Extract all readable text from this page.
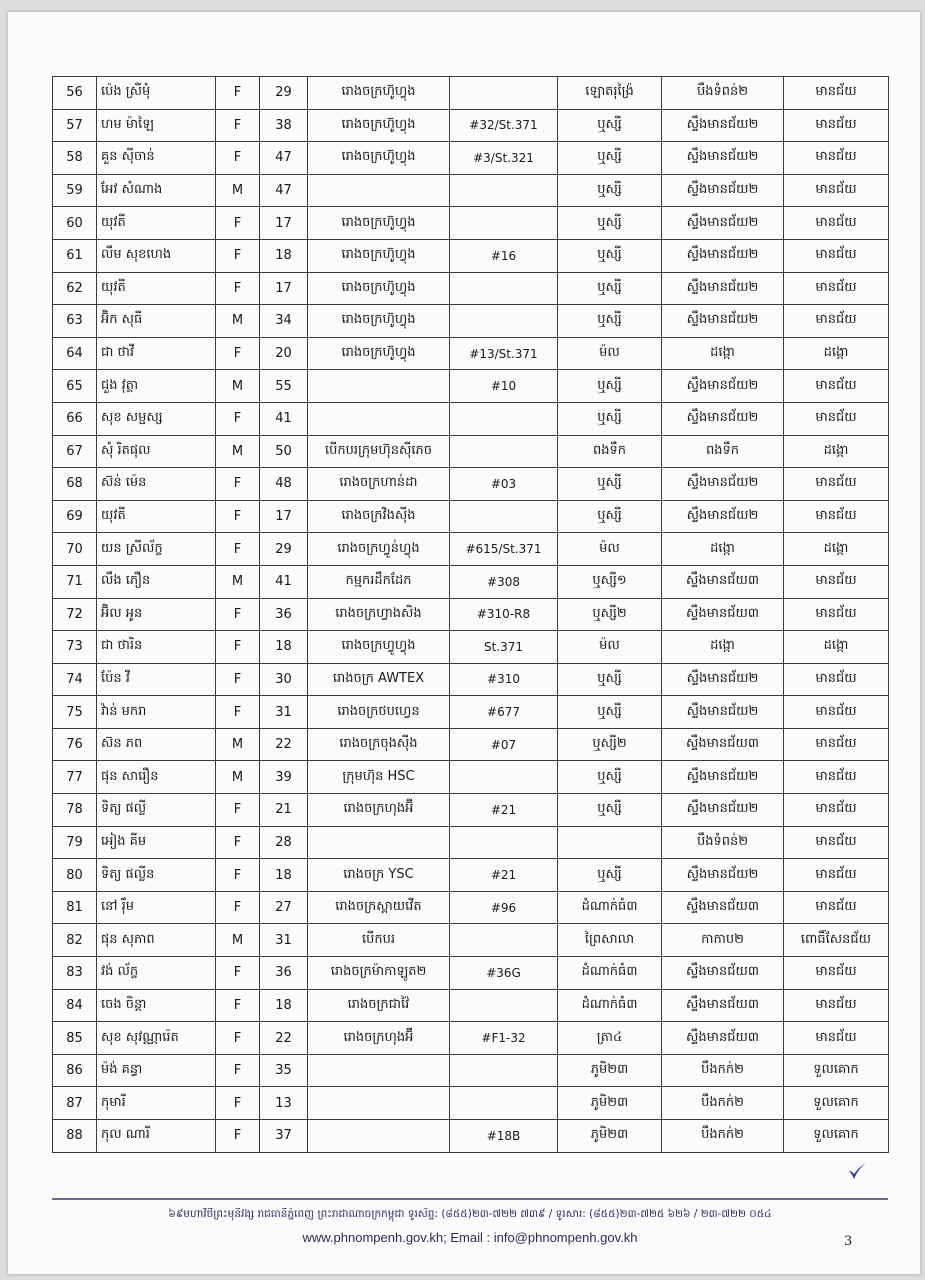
56	ប៉េង ស្រីមុំ	F	29	រោងចក្រហ៊ូហ្វុង		ឡោតរុង្រ៉ៃ	បឹងទំពន់២	មានជ័យ
57	ហម ម៉ាឡៃ	F	38	រោងចក្រហ៊ូហ្វុង	#32/St.371	ឬស្សី	ស្ទឹងមានជ័យ២	មានជ័យ
58	គួន ស៊ីចាន់	F	47	រោងចក្រហ៊ូហ្វុង	#3/St.321	ឬស្សី	ស្ទឹងមានជ័យ២	មានជ័យ
59	អែវ សំណាង	M	47			ឬស្សី	ស្ទឹងមានជ័យ២	មានជ័យ
60	យុវតី	F	17	រោងចក្រហ៊ូហ្វុង		ឬស្សី	ស្ទឹងមានជ័យ២	មានជ័យ
61	លឹម សុខហេង	F	18	រោងចក្រហ៊ូហ្វុង	#16	ឬស្សី	ស្ទឹងមានជ័យ២	មានជ័យ
62	យុវតី	F	17	រោងចក្រហ៊ូហ្វុង		ឬស្សី	ស្ទឹងមានជ័យ២	មានជ័យ
63	អ៊ិក សុធី	M	34	រោងចក្រហ៊ូហ្វុង		ឬស្សី	ស្ទឹងមានជ័យ២	មានជ័យ
64	ជា ថាវី	F	20	រោងចក្រហ៊ូហ្វុង	#13/St.371	ម៉ល	ដង្កោ	ដង្កោ
65	ជួង វុត្ថា	M	55		#10	ឬស្សី	ស្ទឹងមានជ័យ២	មានជ័យ
66	សុខ សម្ផស្ស	F	41			ឬស្សី	ស្ទឹងមានជ័យ២	មានជ័យ
67	សុំ រិតផុល	M	50	បើកបរក្រុមហ៊ុនស៊ីភេច		ពងទឹក	ពងទឹក	ដង្កោ
68	ស៊ន់ ម៉េន	F	48	រោងចក្រហាន់ដា	#03	ឬស្សី	ស្ទឹងមានជ័យ២	មានជ័យ
69	យុវតី	F	17	រោងចក្រវិងស៊ីង		ឬស្សី	ស្ទឹងមានជ័យ២	មានជ័យ
70	យន ស្រីល័ក្ខ	F	29	រោងចក្រហ្វូន់ហ្វុង	#615/St.371	ម៉ល	ដង្កោ	ដង្កោ
71	លឹង ភឿន	M	41	កម្មករដឹកដែក	#308	ឬស្សី១	ស្ទឹងមានជ័យ៣	មានជ័យ
72	អ៊ិល អូន	F	36	រោងចក្រហ្វាងសិង	#310-R8	ឬស្សី២	ស្ទឹងមានជ័យ៣	មានជ័យ
73	ជា ថារិន	F	18	រោងចក្រហ្វូហ្វុង	St.371	ម៉ល	ដង្កោ	ដង្កោ
74	ប៉ែន វី	F	30	រោងចក្រ AWTEX	#310	ឬស្សី	ស្ទឹងមានជ័យ២	មានជ័យ
75	វ៉ាន់ មករា	F	31	រោងចក្រថបហ្វេន	#677	ឬស្សី	ស្ទឹងមានជ័យ២	មានជ័យ
76	ស៊ន ភព	M	22	រោងចក្រចុងស៊ីង	#07	ឬស្សី២	ស្ទឹងមានជ័យ៣	មានជ័យ
77	ផុន សារឿន	M	39	ក្រុមហ៊ុន HSC		ឬស្សី	ស្ទឹងមានជ័យ២	មានជ័យ
78	ទិត្យ ផល្លី	F	21	រោងចក្រហុងអ៊ី	#21	ឬស្សី	ស្ទឹងមានជ័យ២	មានជ័យ
79	អៀង គីម	F	28				បឹងទំពន់២	មានជ័យ
80	ទិត្យ ផល្លីន	F	18	រោងចក្រ YSC	#21	ឬស្សី	ស្ទឹងមានជ័យ២	មានជ័យ
81	នៅ រ៉ឹម	F	27	រោងចក្រស្ពាយវើត	#96	ដំណាក់ធំ៣	ស្ទឹងមានជ័យ៣	មានជ័យ
82	ផុន សុភាព	M	31	បើកបរ		ព្រៃសាលា	កាកាប២	ពោធិ៍សែនជ័យ
83	វង់ ល័ក្ខ	F	36	រោងចក្រម៉ាកាឡូត២	#36G	ដំណាក់ធំ៣	ស្ទឹងមានជ័យ៣	មានជ័យ
84	ចេង ចិន្តា	F	18	រោងចក្រជាវ៉ៃ		ដំណាក់ធំ៣	ស្ទឹងមានជ័យ៣	មានជ័យ
85	សុខ សុវណ្ណារ៉េត	F	22	រោងចក្រហុងអ៊ី	#F1-32	ត្រា៤	ស្ទឹងមានជ័យ៣	មានជ័យ
86	ម៉ង់ គន្ធា	F	35			ភូមិ២៣	បឹងកក់២	ទួលគោក
87	កុមារី	F	13			ភូមិ២៣	បឹងកក់២	ទួលគោក
88	កុល ណារី	F	37		#18B	ភូមិ២៣	បឹងកក់២	ទួលគោក
៦៩មហាវិថីព្រះមុនីវង្ស រាជធានីភ្នំពេញ ព្រះរាជាណាចក្រកម្ពុជា ទូរស័ព្ទ: (៨៥៥)២៣-៧២២ ៧៣៩ / ទូរសារ: (៨៥៥)២៣-៧២៥ ៦២៦ / ២៣-៧២២ ០៥៤
www.phnompenh.gov.kh; Email : info@phnompenh.gov.kh	3
